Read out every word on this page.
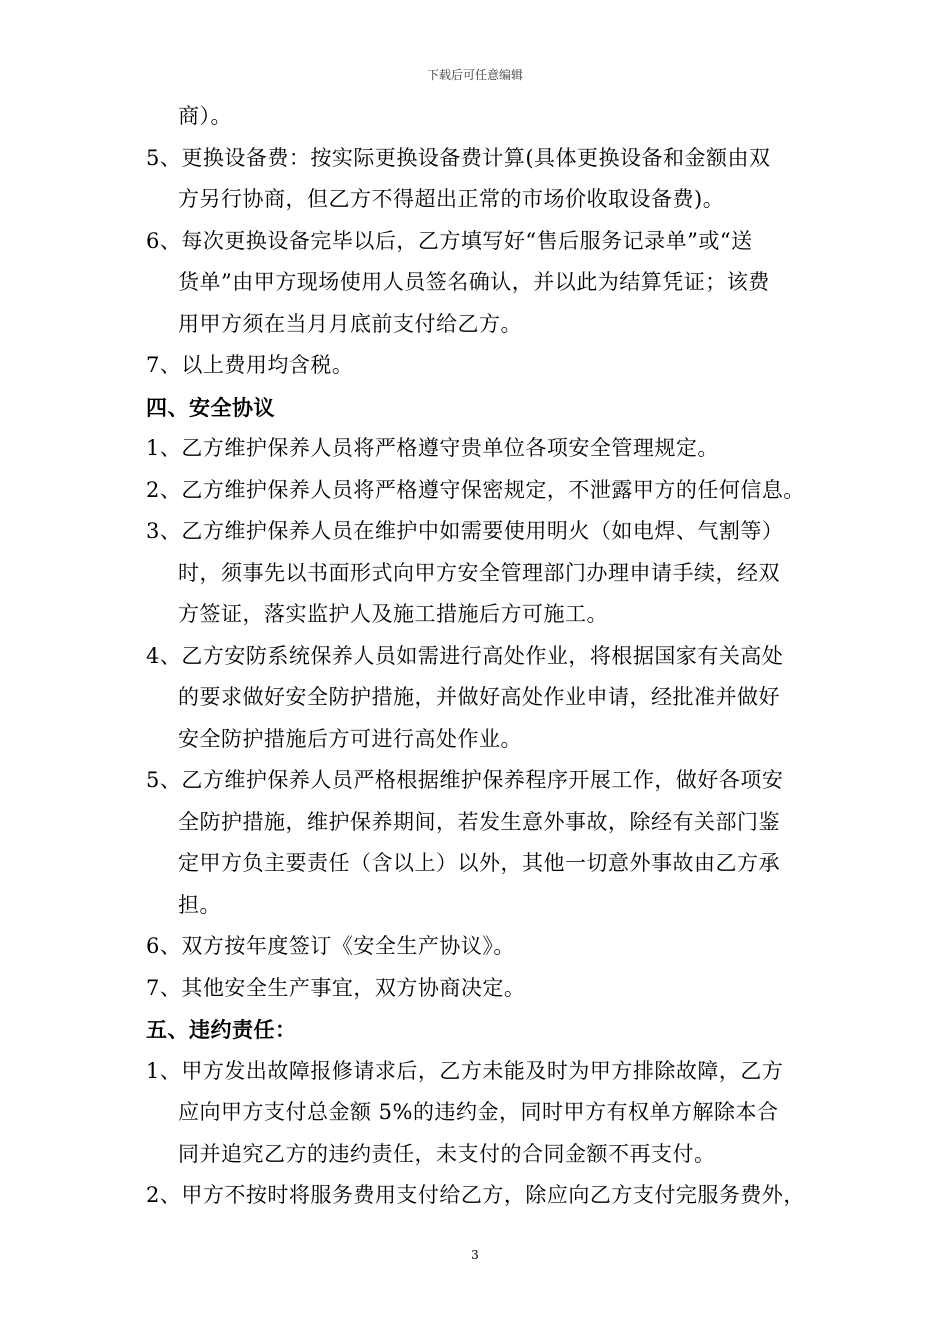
下载后可任意编辑
商）。
5、更换设备费：按实际更换设备费计算(具体更换设备和金额由双
方另行协商，但乙方不得超出正常的市场价收取设备费)。
6、每次更换设备完毕以后，乙方填写好“售后服务记录单”或“送
货单”由甲方现场使用人员签名确认，并以此为结算凭证；该费
用甲方须在当月月底前支付给乙方。
7、以上费用均含税。
四、安全协议
1、乙方维护保养人员将严格遵守贵单位各项安全管理规定。
2、乙方维护保养人员将严格遵守保密规定，不泄露甲方的任何信息。
3、乙方维护保养人员在维护中如需要使用明火（如电焊、气割等）
时，须事先以书面形式向甲方安全管理部门办理申请手续，经双
方签证，落实监护人及施工措施后方可施工。
4、乙方安防系统保养人员如需进行高处作业，将根据国家有关高处
的要求做好安全防护措施，并做好高处作业申请，经批准并做好
安全防护措施后方可进行高处作业。
5、乙方维护保养人员严格根据维护保养程序开展工作，做好各项安
全防护措施，维护保养期间，若发生意外事故，除经有关部门鉴
定甲方负主要责任（含以上）以外，其他一切意外事故由乙方承
担。
6、双方按年度签订《安全生产协议》。
7、其他安全生产事宜，双方协商决定。
五、违约责任：
1、甲方发出故障报修请求后，乙方未能及时为甲方排除故障，乙方
应向甲方支付总金额 5%的违约金，同时甲方有权单方解除本合
同并追究乙方的违约责任，未支付的合同金额不再支付。
2、甲方不按时将服务费用支付给乙方，除应向乙方支付完服务费外，
3
